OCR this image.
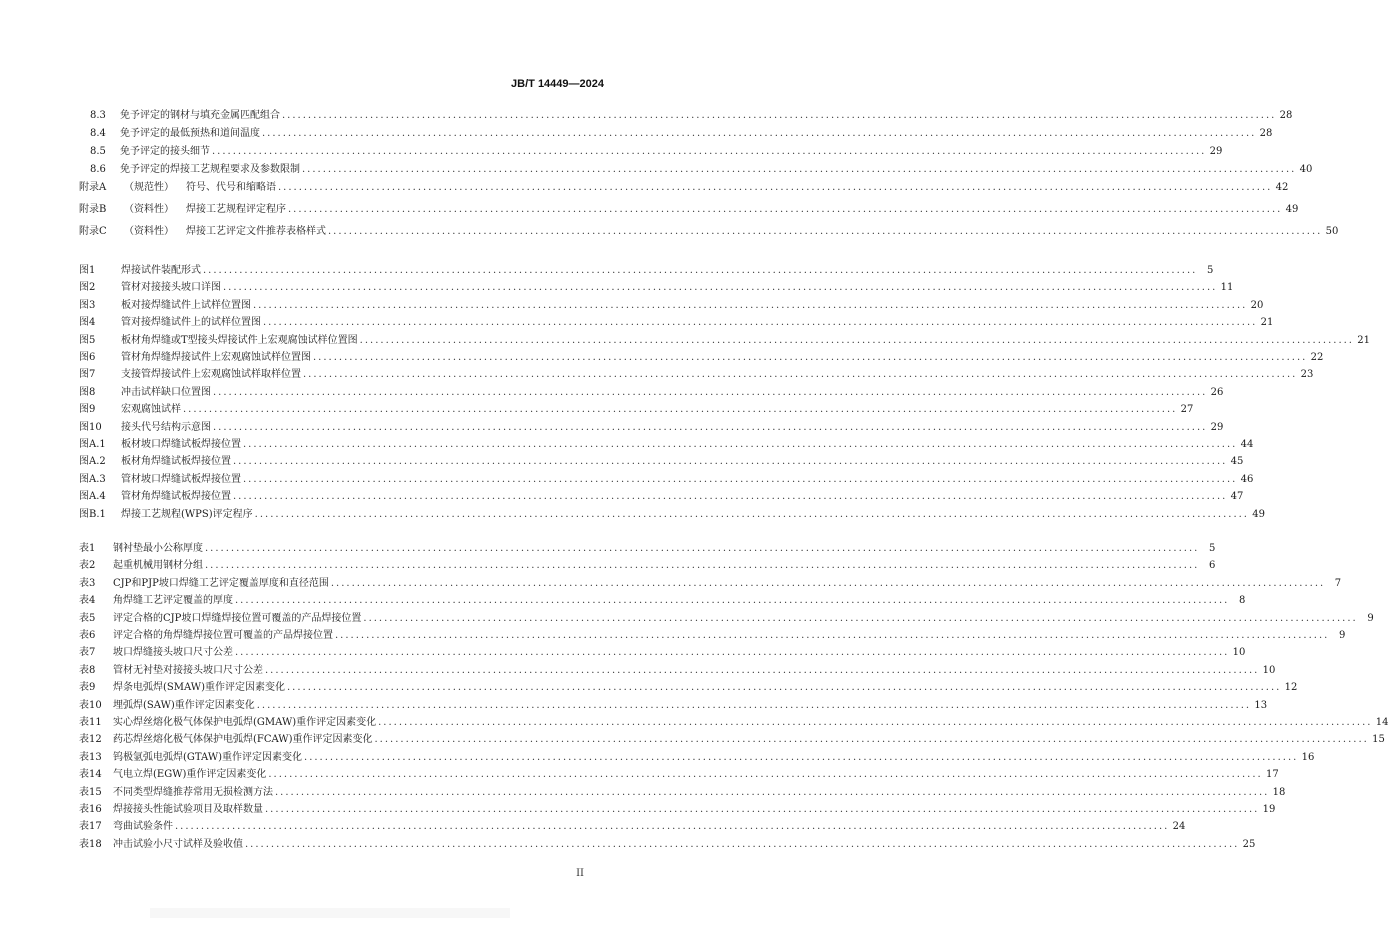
JB/T 14449—2024
8.3	免予评定的钢材与填充金属匹配组合 .....	28
8.4	免予评定的最低预热和道间温度 .....	28
8.5	免予评定的接头细节 .....	29
8.6	免予评定的焊接工艺规程要求及参数限制 .....	40
附录A	（规范性）	符号、代号和缩略语 .....	42
附录B	（资料性）	焊接工艺规程评定程序 .....	49
附录C	（资料性）	焊接工艺评定文件推荐表格样式 .....	50
图1	焊接试件装配形式 .....	5
图2	管材对接接头坡口详图 .....	11
图3	板对接焊缝试件上试样位置图 .....	20
图4	管对接焊缝试件上的试样位置图 .....	21
图5	板材角焊缝或T型接头焊接试件上宏观腐蚀试样位置图 .....	21
图6	管材角焊缝焊接试件上宏观腐蚀试样位置图 .....	22
图7	支接管焊接试件上宏观腐蚀试样取样位置 .....	23
图8	冲击试样缺口位置图 .....	26
图9	宏观腐蚀试样 .....	27
图10	接头代号结构示意图 .....	29
图A.1	板材坡口焊缝试板焊接位置 .....	44
图A.2	板材角焊缝试板焊接位置 .....	45
图A.3	管材坡口焊缝试板焊接位置 .....	46
图A.4	管材角焊缝试板焊接位置 .....	47
图B.1	焊接工艺规程(WPS)评定程序 .....	49
表1	钢衬垫最小公称厚度 .....	5
表2	起重机械用钢材分组 .....	6
表3	CJP和PJP坡口焊缝工艺评定覆盖厚度和直径范围 .....	7
表4	角焊缝工艺评定覆盖的厚度 .....	8
表5	评定合格的CJP坡口焊缝焊接位置可覆盖的产品焊接位置 .....	9
表6	评定合格的角焊缝焊接位置可覆盖的产品焊接位置 .....	9
表7	坡口焊缝接头坡口尺寸公差 .....	10
表8	管材无衬垫对接接头坡口尺寸公差 .....	10
表9	焊条电弧焊(SMAW)重作评定因素变化 .....	12
表10	埋弧焊(SAW)重作评定因素变化 .....	13
表11	实心焊丝熔化极气体保护电弧焊(GMAW)重作评定因素变化 .....	14
表12	药芯焊丝熔化极气体保护电弧焊(FCAW)重作评定因素变化 .....	15
表13	钨极氩弧电弧焊(GTAW)重作评定因素变化 .....	16
表14	气电立焊(EGW)重作评定因素变化 .....	17
表15	不同类型焊缝推荐常用无损检测方法 .....	18
表16	焊接接头性能试验项目及取样数量 .....	19
表17	弯曲试验条件 .....	24
表18	冲击试验小尺寸试样及验收值 .....	25
II
